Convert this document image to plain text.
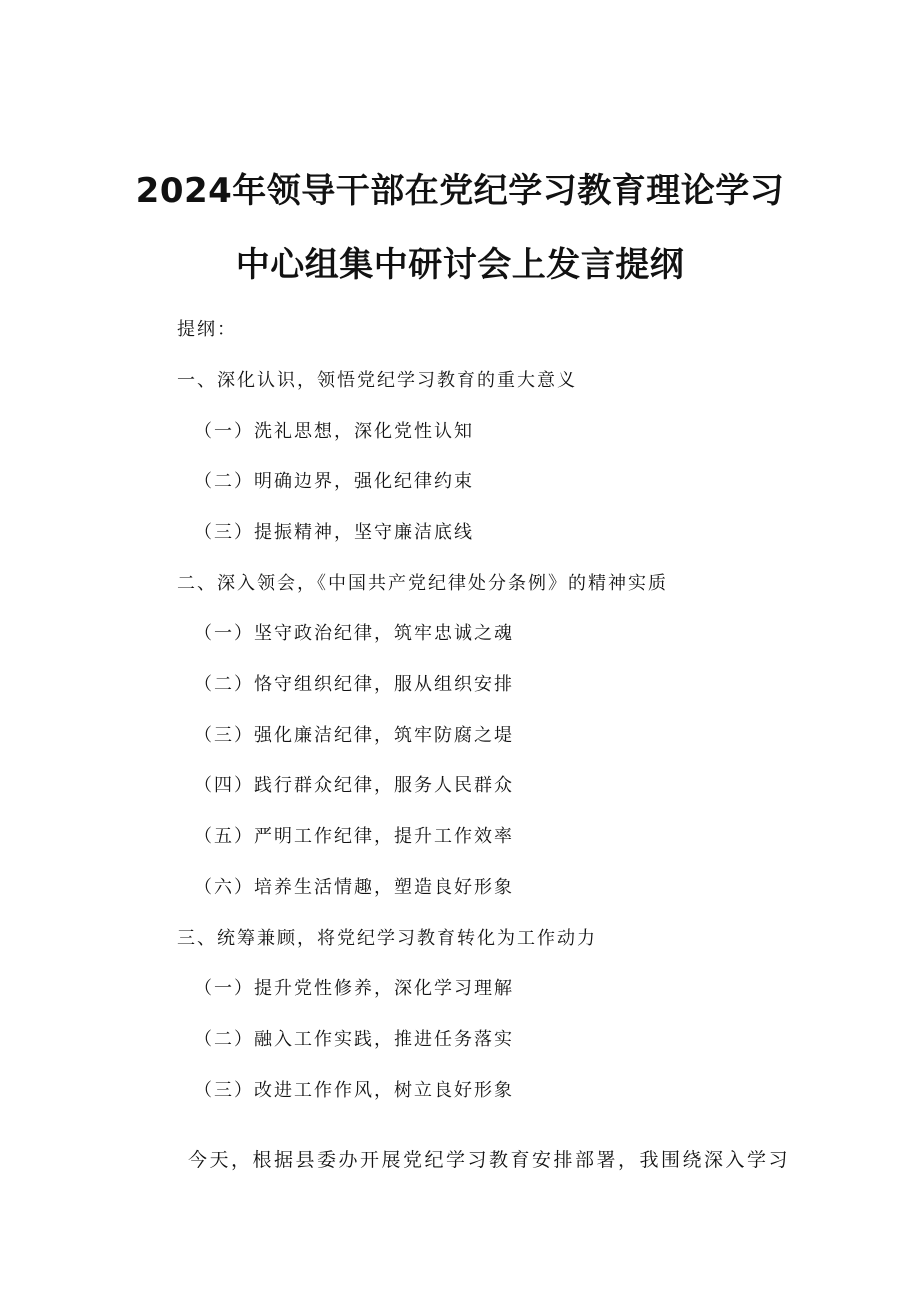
2024年领导干部在党纪学习教育理论学习
中心组集中研讨会上发言提纲
提纲：
一、深化认识，领悟党纪学习教育的重大意义
（一）洗礼思想，深化党性认知
（二）明确边界，强化纪律约束
（三）提振精神，坚守廉洁底线
二、深入领会，《中国共产党纪律处分条例》的精神实质
（一）坚守政治纪律，筑牢忠诚之魂
（二）恪守组织纪律，服从组织安排
（三）强化廉洁纪律，筑牢防腐之堤
（四）践行群众纪律，服务人民群众
（五）严明工作纪律，提升工作效率
（六）培养生活情趣，塑造良好形象
三、统筹兼顾，将党纪学习教育转化为工作动力
（一）提升党性修养，深化学习理解
（二）融入工作实践，推进任务落实
（三）改进工作作风，树立良好形象

今天，根据县委办开展党纪学习教育安排部署，我围绕深入学习
